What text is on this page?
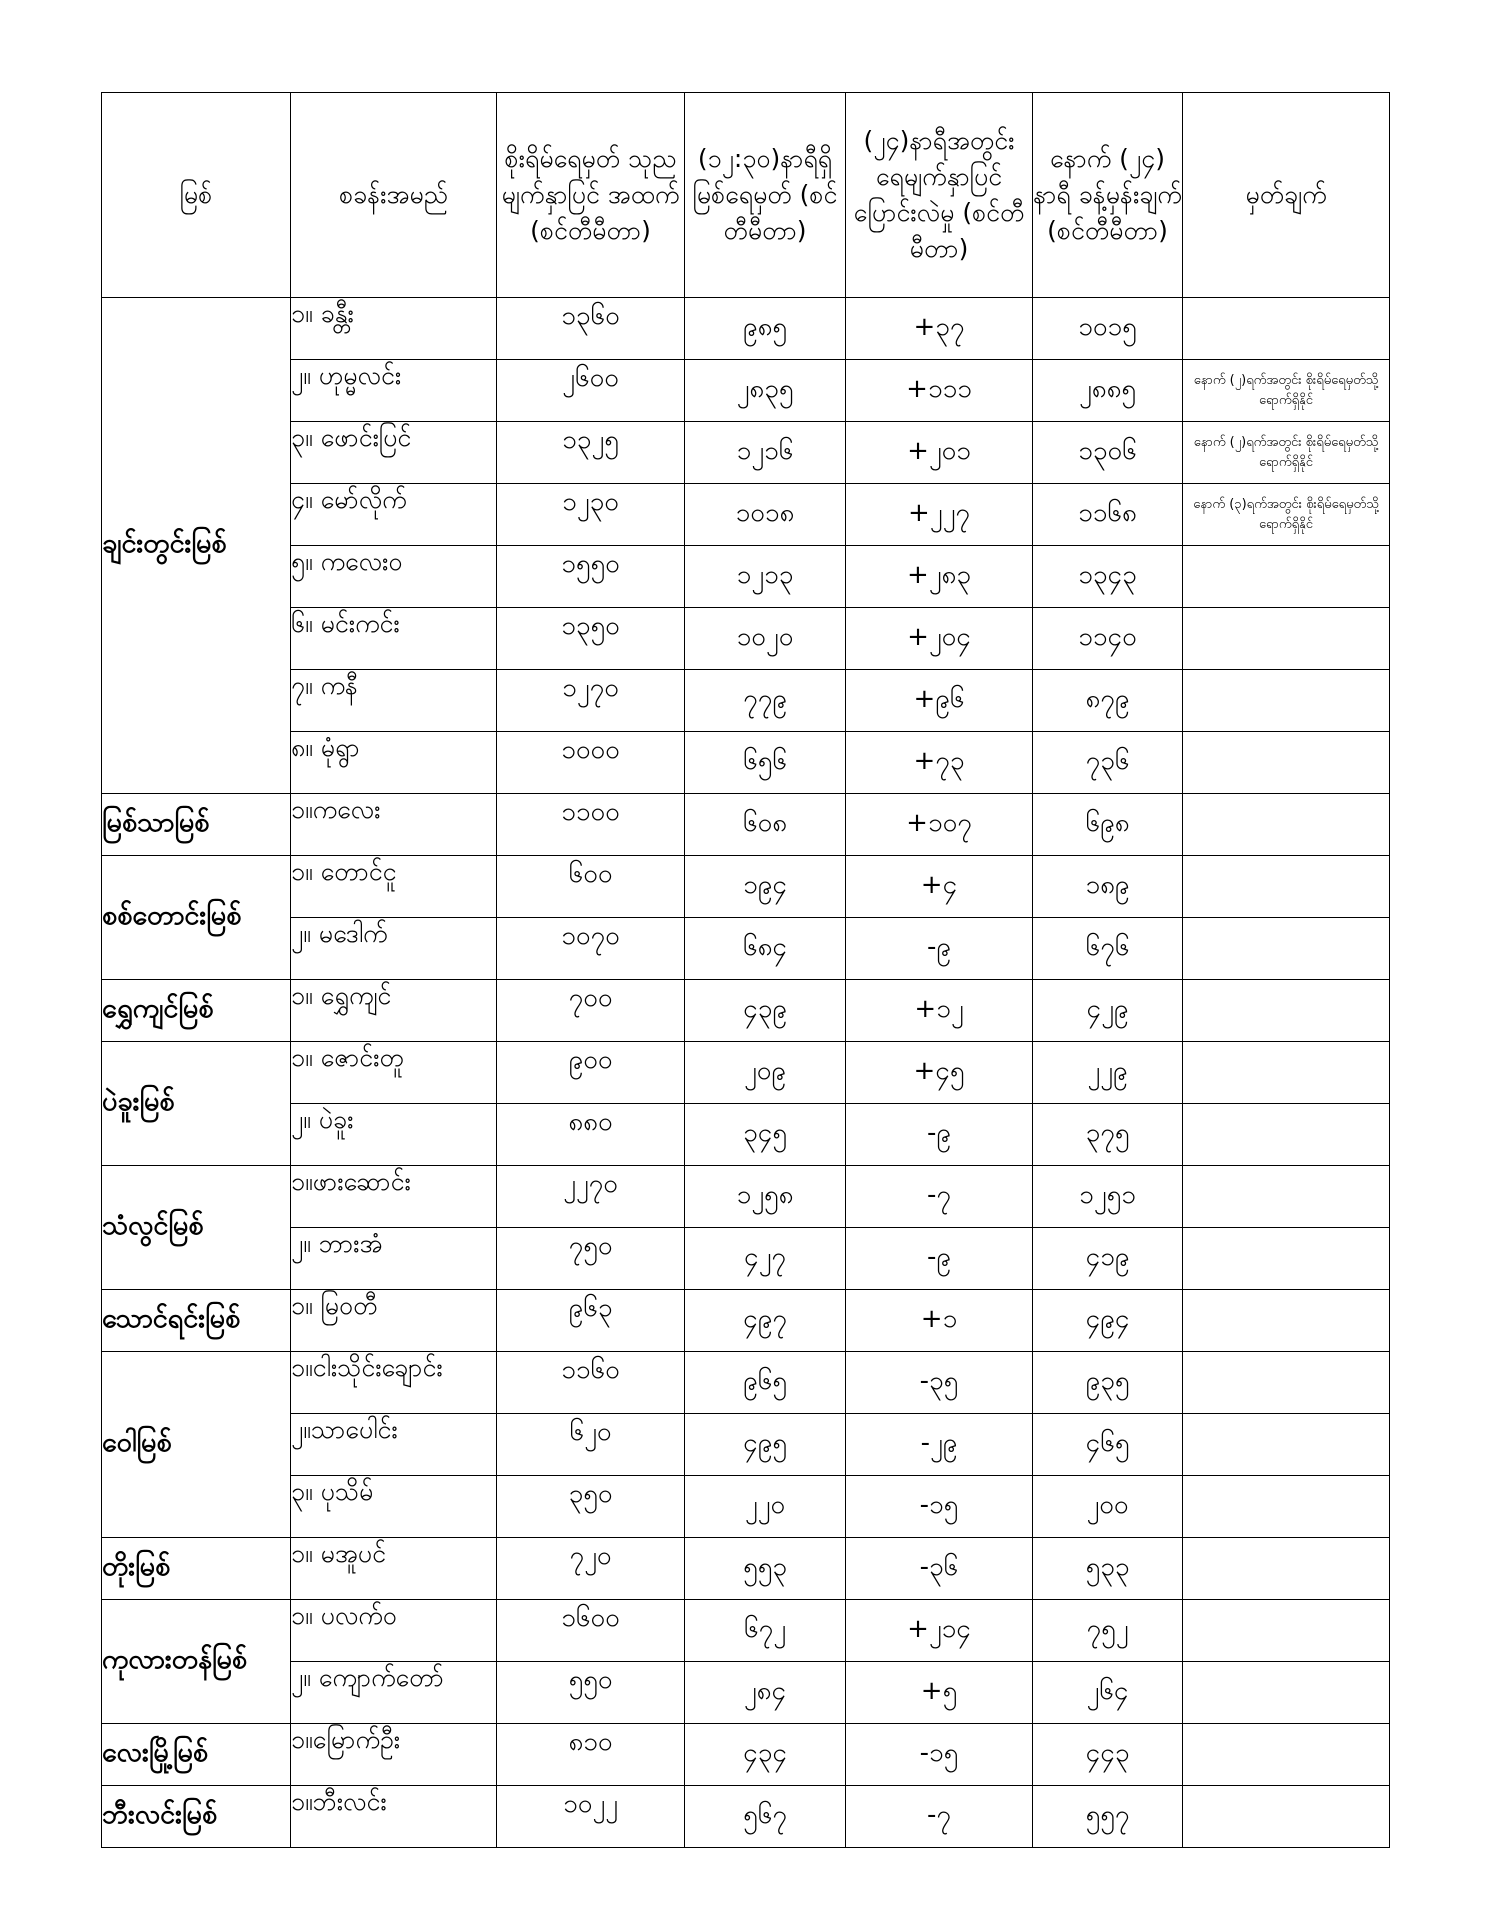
မြစ်	စခန်းအမည်	စိုးရိမ်ရေမှတ် သုညမျက်နှာပြင် အထက် (စင်တီမီတာ)	(၁၂:၃၀)နာရီရှိ မြစ်ရေမှတ် (စင်တီမီတာ)	(၂၄)နာရီအတွင်း ရေမျက်နှာပြင် ပြောင်းလဲမှု (စင်တီမီတာ)	နောက် (၂၄) နာရီ ခန့်မှန်းချက် (စင်တီမီတာ)	မှတ်ချက်
ချင်းတွင်းမြစ်	၁။ ခန္တီး	၁၃၆၀	၉၈၅	+၃၇	၁၀၁၅	
	၂။ ဟုမ္မလင်း	၂၆၀၀	၂၈၃၅	+၁၁၁	၂၈၈၅	နောက် (၂)ရက်အတွင်း စိုးရိမ်ရေမှတ်သို့ရောက်ရှိနိုင်
	၃။ ဖောင်းပြင်	၁၃၂၅	၁၂၁၆	+၂၀၁	၁၃၀၆	နောက် (၂)ရက်အတွင်း စိုးရိမ်ရေမှတ်သို့ရောက်ရှိနိုင်
	၄။ မော်လိုက်	၁၂၃၀	၁၀၁၈	+၂၂၇	၁၁၆၈	နောက် (၃)ရက်အတွင်း စိုးရိမ်ရေမှတ်သို့ရောက်ရှိနိုင်
	၅။ ကလေးဝ	၁၅၅၀	၁၂၁၃	+၂၈၃	၁၃၄၃	
	၆။ မင်းကင်း	၁၃၅၀	၁၀၂၀	+၂၀၄	၁၁၄၀	
	၇။ ကနီ	၁၂၇၀	၇၇၉	+၉၆	၈၇၉	
	၈။ မုံရွာ	၁၀၀၀	၆၅၆	+၇၃	၇၃၆	
မြစ်သာမြစ်	၁။ကလေး	၁၁၀၀	၆၀၈	+၁၀၇	၆၉၈	
စစ်တောင်းမြစ်	၁။ တောင်ငူ	၆၀၀	၁၉၄	+၄	၁၈၉	
	၂။ မဒေါက်	၁၀၇၀	၆၈၄	-၉	၆၇၆	
ရွှေကျင်မြစ်	၁။ ရွှေကျင်	၇၀၀	၄၃၉	+၁၂	၄၂၉	
ပဲခူးမြစ်	၁။ ဇောင်းတူ	၉၀၀	၂၀၉	+၄၅	၂၂၉	
	၂။ ပဲခူး	၈၈၀	၃၄၅	-၉	၃၇၅	
သံလွင်မြစ်	၁။ဖားဆောင်း	၂၂၇၀	၁၂၅၈	-၇	၁၂၅၁	
	၂။ ဘားအံ	၇၅၀	၄၂၇	-၉	၄၁၉	
သောင်ရင်းမြစ်	၁။ မြဝတီ	၉၆၃	၄၉၇	+၁	၄၉၄	
ဝေါမြစ်	၁။ငါးသိုင်းချောင်း	၁၁၆၀	၉၆၅	-၃၅	၉၃၅	
	၂။သာပေါင်း	၆၂၀	၄၉၅	-၂၉	၄၆၅	
	၃။ ပုသိမ်	၃၅၀	၂၂၀	-၁၅	၂၀၀	
တိုးမြစ်	၁။ မအူပင်	၇၂၀	၅၅၃	-၃၆	၅၃၃	
ကုလားတန်မြစ်	၁။ ပလက်ဝ	၁၆၀၀	၆၇၂	+၂၁၄	၇၅၂	
	၂။ ကျောက်တော်	၅၅၀	၂၈၄	+၅	၂၆၄	
လေးမြို့မြစ်	၁။မြောက်ဦး	၈၁၀	၄၃၄	-၁၅	၄၄၃	
ဘီးလင်းမြစ်	၁။ဘီးလင်း	၁၀၂၂	၅၆၇	-၇	၅၅၇	
